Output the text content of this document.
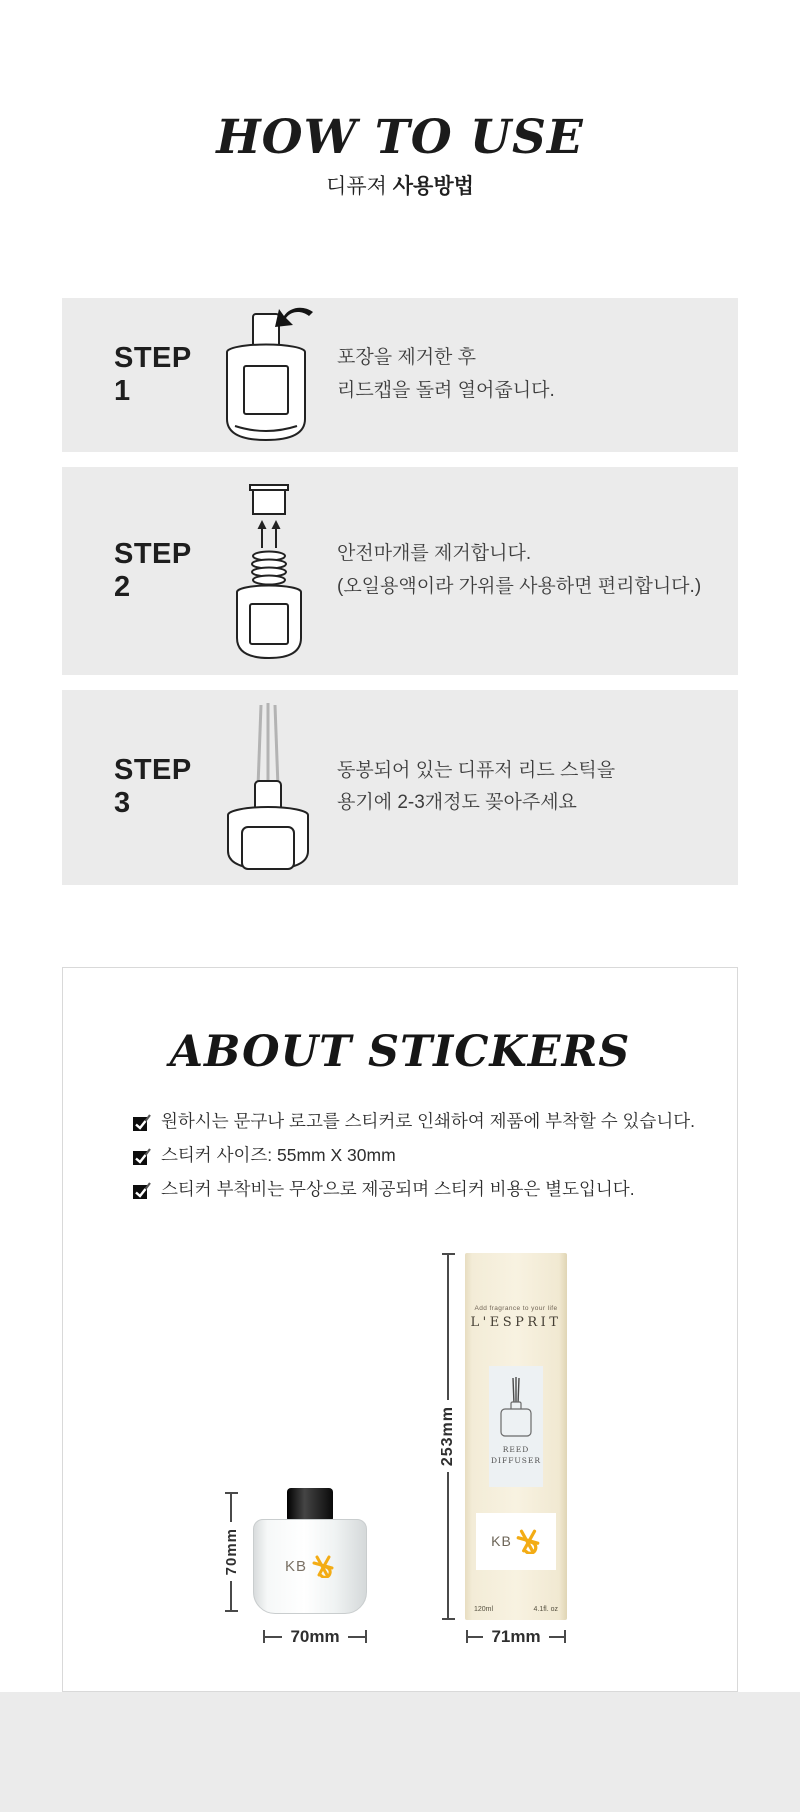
HOW TO USE
디퓨져 사용방법
STEP 1
포장을 제거한 후
리드캡을 돌려 열어줍니다.
STEP 2
안전마개를 제거합니다.
(오일용액이라 가위를 사용하면 편리합니다.)
STEP 3
동봉되어 있는 디퓨저 리드 스틱을
용기에 2-3개정도 꽂아주세요
ABOUT STICKERS
원하시는 문구나 로고를 스티커로 인쇄하여 제품에 부착할 수 있습니다.
스티커 사이즈: 55mm X 30mm
스티커 부착비는 무상으로 제공되며 스티커 비용은 별도입니다.
70mm	KB
70mm
253mm
Add fragrance to your life
L'ESPRIT
REED
DIFFUSER
KB
120ml	4.1fl. oz
71mm
